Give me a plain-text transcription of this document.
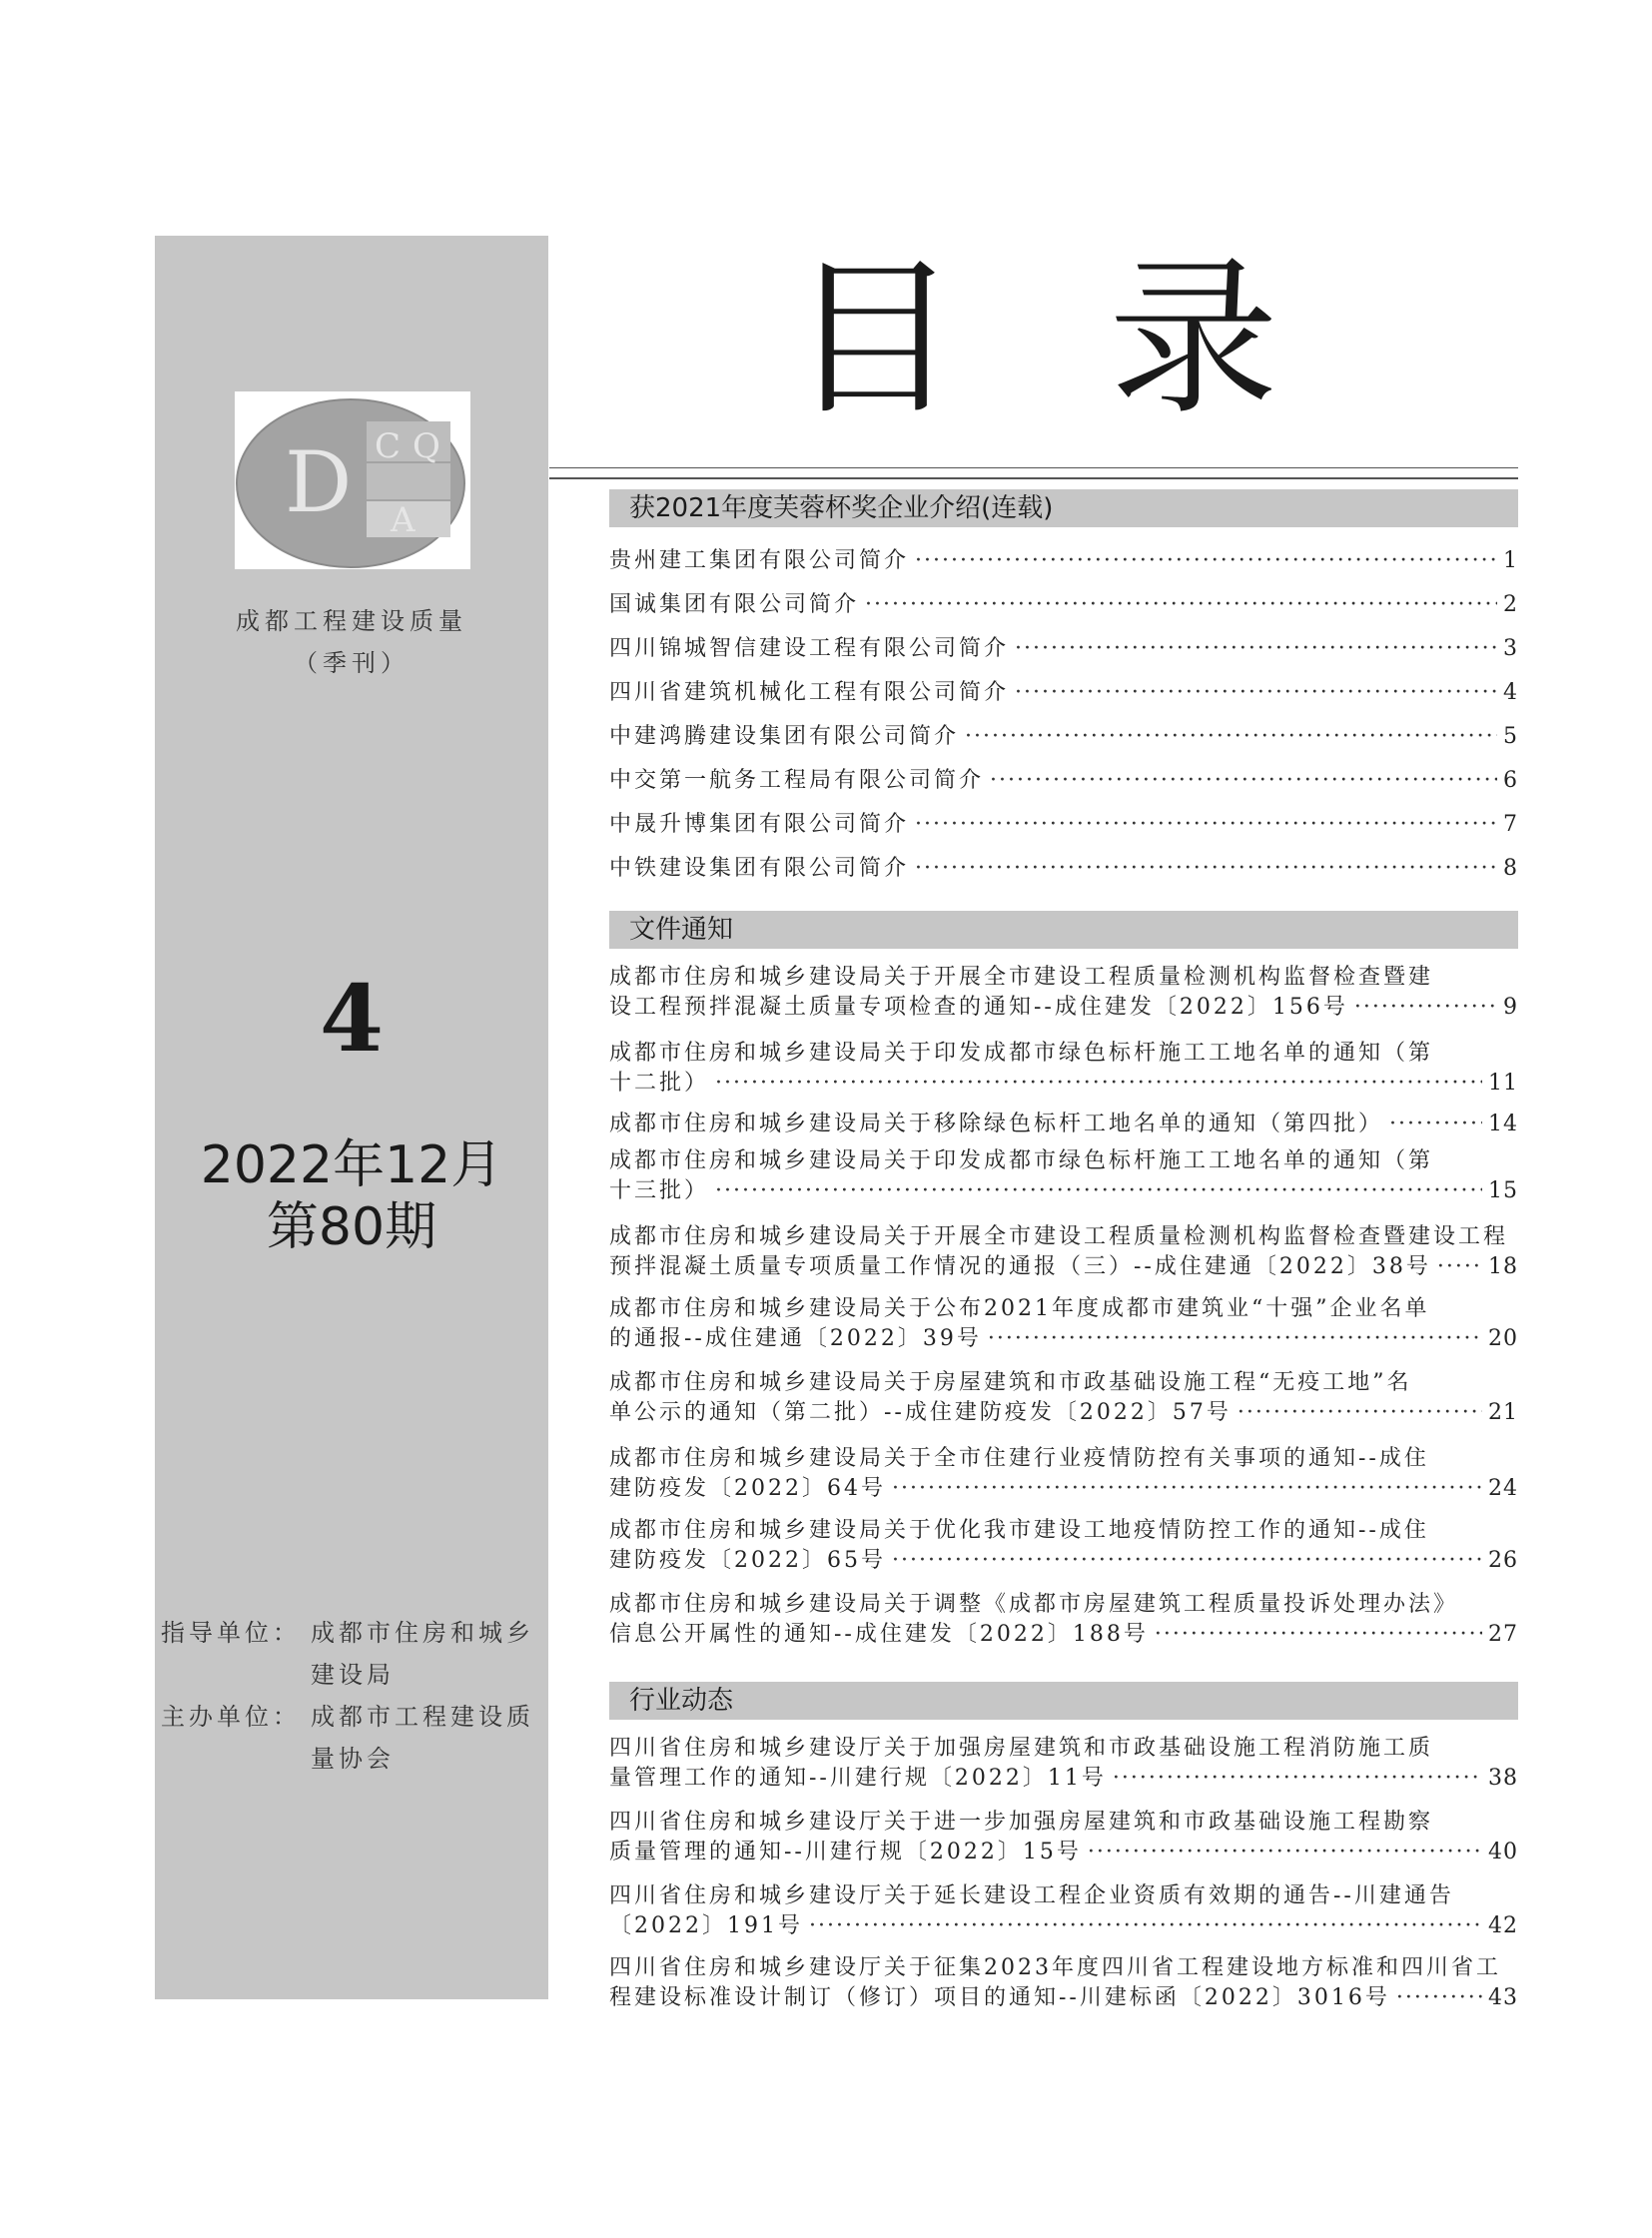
D C Q
A
成都工程建设质量
（季刊）
4
2022年12月
第80期
指导单位： 成都市住房和城乡
建设局
主办单位： 成都市工程建设质
量协会
目录
获2021年度芙蓉杯奖企业介绍(连载)
贵州建工集团有限公司简介 ·····	1
国诚集团有限公司简介 ·····	2
四川锦城智信建设工程有限公司简介 ·····	3
四川省建筑机械化工程有限公司简介 ·····	4
中建鸿腾建设集团有限公司简介 ·····	5
中交第一航务工程局有限公司简介 ·····	6
中晟升博集团有限公司简介 ·····	7
中铁建设集团有限公司简介 ·····	8
文件通知
成都市住房和城乡建设局关于开展全市建设工程质量检测机构监督检查暨建
设工程预拌混凝土质量专项检查的通知--成住建发〔2022〕156号 ·····	9
成都市住房和城乡建设局关于印发成都市绿色标杆施工工地名单的通知（第
十二批） ·····	11
成都市住房和城乡建设局关于移除绿色标杆工地名单的通知（第四批） ·····	14
成都市住房和城乡建设局关于印发成都市绿色标杆施工工地名单的通知（第
十三批） ·····	15
成都市住房和城乡建设局关于开展全市建设工程质量检测机构监督检查暨建设工程
预拌混凝土质量专项质量工作情况的通报（三）--成住建通〔2022〕38号 ·····	18
成都市住房和城乡建设局关于公布2021年度成都市建筑业“十强”企业名单
的通报--成住建通〔2022〕39号 ·····	20
成都市住房和城乡建设局关于房屋建筑和市政基础设施工程“无疫工地”名
单公示的通知（第二批）--成住建防疫发〔2022〕57号 ·····	21
成都市住房和城乡建设局关于全市住建行业疫情防控有关事项的通知--成住
建防疫发〔2022〕64号 ·····	24
成都市住房和城乡建设局关于优化我市建设工地疫情防控工作的通知--成住
建防疫发〔2022〕65号 ·····	26
成都市住房和城乡建设局关于调整《成都市房屋建筑工程质量投诉处理办法》
信息公开属性的通知--成住建发〔2022〕188号 ·····	27
行业动态
四川省住房和城乡建设厅关于加强房屋建筑和市政基础设施工程消防施工质
量管理工作的通知--川建行规〔2022〕11号 ·····	38
四川省住房和城乡建设厅关于进一步加强房屋建筑和市政基础设施工程勘察
质量管理的通知--川建行规〔2022〕15号 ·····	40
四川省住房和城乡建设厅关于延长建设工程企业资质有效期的通告--川建通告
〔2022〕191号 ·····	42
四川省住房和城乡建设厅关于征集2023年度四川省工程建设地方标准和四川省工
程建设标准设计制订（修订）项目的通知--川建标函〔2022〕3016号 ·····	43
